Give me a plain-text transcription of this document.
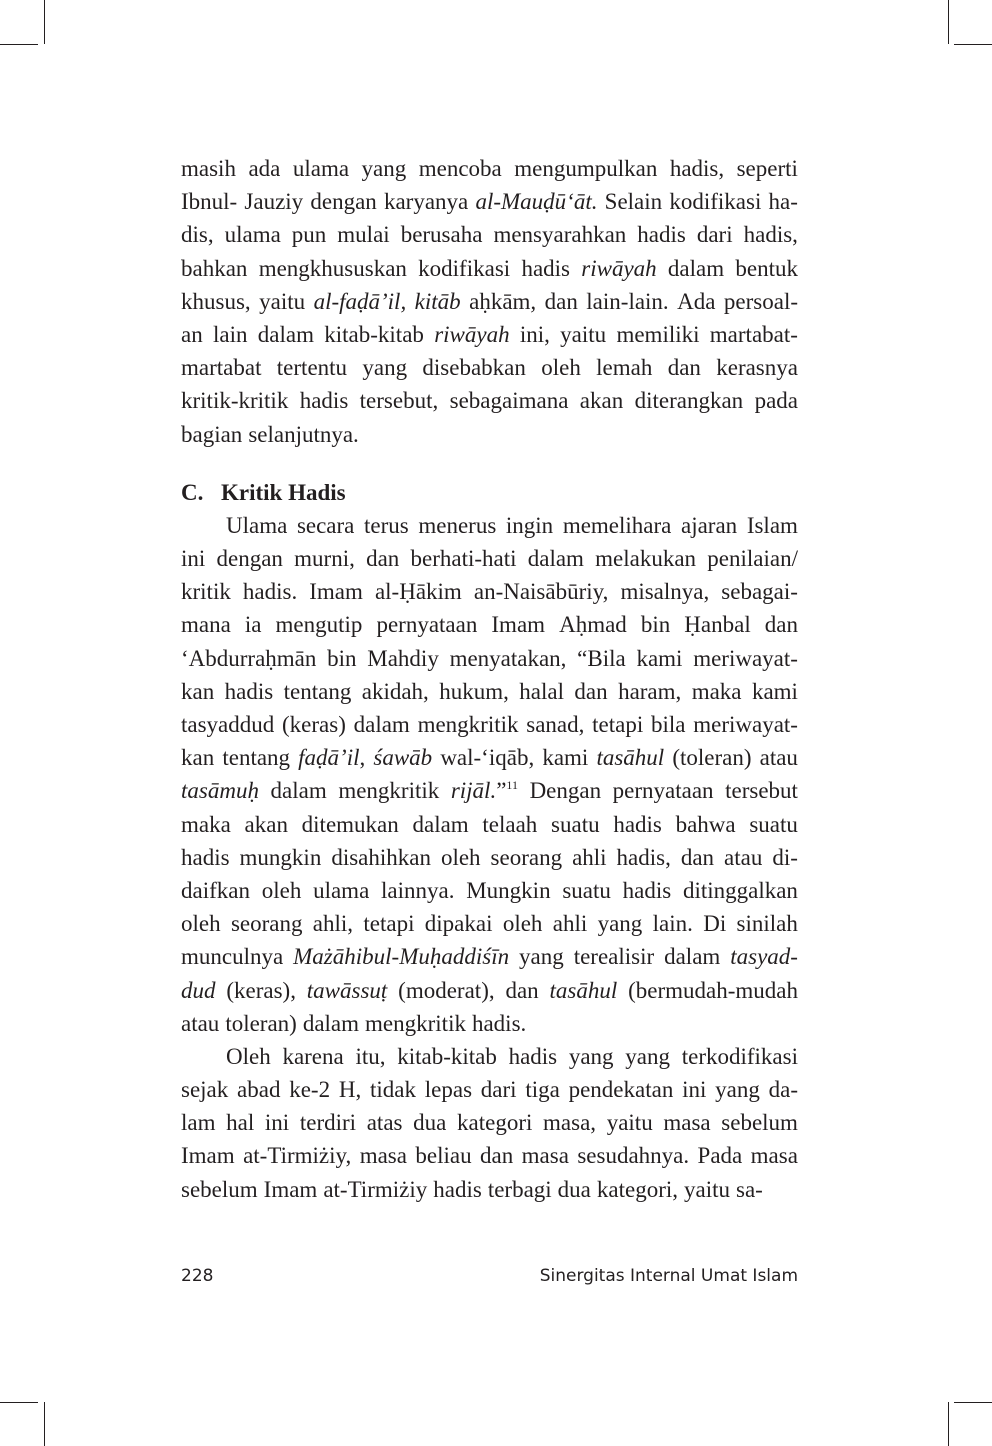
masih ada ulama yang mencoba mengumpulkan hadis, seperti
Ibnul- Jauziy dengan karyanya al-Mauḍū‘āt. Selain kodifikasi ha-
dis, ulama pun mulai berusaha mensyarahkan hadis dari hadis,
bahkan mengkhususkan kodifikasi hadis riwāyah dalam bentuk
khusus, yaitu al-faḍā’il, kitāb aḥkām, dan lain-lain. Ada persoal-
an lain dalam kitab-kitab riwāyah ini, yaitu memiliki martabat-
martabat tertentu yang disebabkan oleh lemah dan kerasnya
kritik-kritik hadis tersebut, sebagaimana akan diterangkan pada
bagian selanjutnya.
C. Kritik Hadis
Ulama secara terus menerus ingin memelihara ajaran Islam
ini dengan murni, dan berhati-hati dalam melakukan penilaian/
kritik hadis. Imam al-Ḥākim an-Naisābūriy, misalnya, sebagai-
mana ia mengutip pernyataan Imam Aḥmad bin Ḥanbal dan
‘Abdurraḥmān bin Mahdiy menyatakan, “Bila kami meriwayat-
kan hadis tentang akidah, hukum, halal dan haram, maka kami
tasyaddud (keras) dalam mengkritik sanad, tetapi bila meriwayat-
kan tentang faḍā’il, śawāb wal-‘iqāb, kami tasāhul (toleran) atau
tasāmuḥ dalam mengkritik rijāl.”$^{11}$ Dengan pernyataan tersebut
maka akan ditemukan dalam telaah suatu hadis bahwa suatu
hadis mungkin disahihkan oleh seorang ahli hadis, dan atau di-
daifkan oleh ulama lainnya. Mungkin suatu hadis ditinggalkan
oleh seorang ahli, tetapi dipakai oleh ahli yang lain. Di sinilah
munculnya Mażāhibul-Muḥaddiśīn yang terealisir dalam tasyad-
dud (keras), tawāssuṭ (moderat), dan tasāhul (bermudah-mudah
atau toleran) dalam mengkritik hadis.
Oleh karena itu, kitab-kitab hadis yang yang terkodifikasi
sejak abad ke-2 H, tidak lepas dari tiga pendekatan ini yang da-
lam hal ini terdiri atas dua kategori masa, yaitu masa sebelum
Imam at-Tirmiżiy, masa beliau dan masa sesudahnya. Pada masa
sebelum Imam at-Tirmiżiy hadis terbagi dua kategori, yaitu sa-
228	Sinergitas Internal Umat Islam
